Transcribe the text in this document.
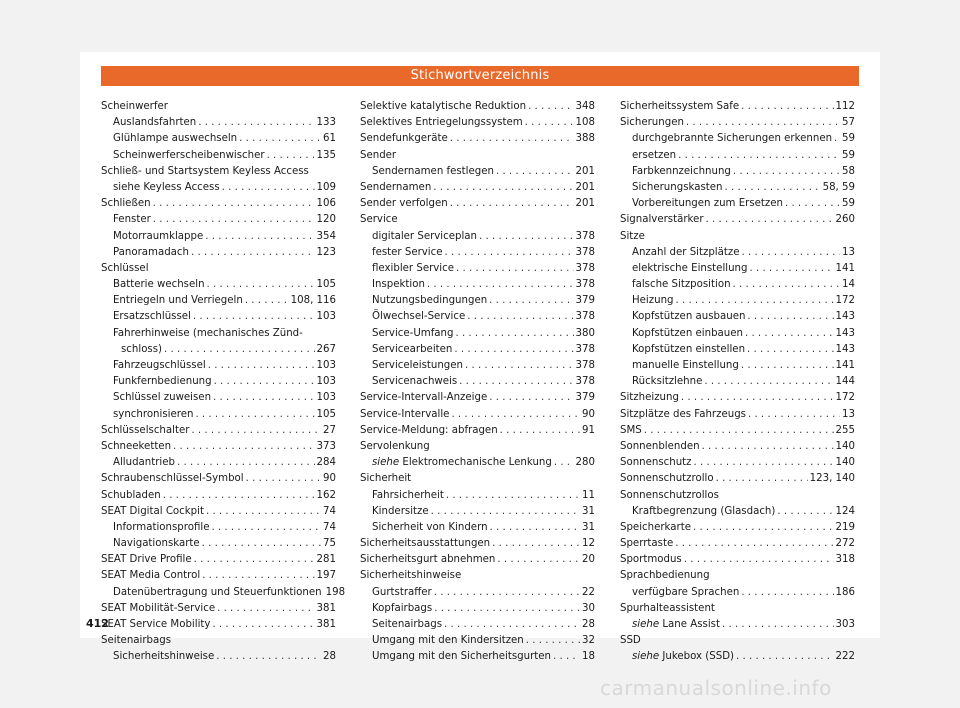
Stichwortverzeichnis
Scheinwerfer
Auslandsfahrten . . .	133
Glühlampe auswechseln . . .	61
Scheinwerferscheibenwischer . . .	135
Schließ- und Startsystem Keyless Access
siehe Keyless Access . . .	109
Schließen . . .	106
Fenster . . .	120
Motorraumklappe . . .	354
Panoramadach . . .	123
Schlüssel
Batterie wechseln . . .	105
Entriegeln und Verriegeln . . .	108, 116
Ersatzschlüssel . . .	103
Fahrerhinweise (mechanisches Zünd-
schloss) . . .	267
Fahrzeugschlüssel . . .	103
Funkfernbedienung . . .	103
Schlüssel zuweisen . . .	103
synchronisieren . . .	105
Schlüsselschalter . . .	27
Schneeketten . . .	373
Alludantrieb . . .	284
Schraubenschlüssel-Symbol . . .	90
Schubladen . . .	162
SEAT Digital Cockpit . . .	74
Informationsprofile . . .	74
Navigationskarte . . .	75
SEAT Drive Profile . . .	281
SEAT Media Control . . .	197
Datenübertragung und Steuerfunktionen 198
SEAT Mobilität-Service . . .	381
SEAT Service Mobility . . .	381
Seitenairbags
Sicherheitshinweise . . .	28
Selektive katalytische Reduktion . . .	348
Selektives Entriegelungssystem . . .	108
Sendefunkgeräte . . .	388
Sender
Sendernamen festlegen . . .	201
Sendernamen . . .	201
Sender verfolgen . . .	201
Service
digitaler Serviceplan . . .	378
fester Service . . .	378
flexibler Service . . .	378
Inspektion . . .	378
Nutzungsbedingungen . . .	379
Ölwechsel-Service . . .	378
Service-Umfang . . .	380
Servicearbeiten . . .	378
Serviceleistungen . . .	378
Servicenachweis . . .	378
Service-Intervall-Anzeige . . .	379
Service-Intervalle . . .	90
Service-Meldung: abfragen . . .	91
Servolenkung
siehe Elektromechanische Lenkung . . . 280
Sicherheit
Fahrsicherheit . . .	11
Kindersitze . . .	31
Sicherheit von Kindern . . .	31
Sicherheitsausstattungen . . .	12
Sicherheitsgurt abnehmen . . .	20
Sicherheitshinweise
Gurtstraffer . . .	22
Kopfairbags . . .	30
Seitenairbags . . .	28
Umgang mit den Kindersitzen . . .	32
Umgang mit den Sicherheitsgurten . . .	18
Sicherheitssystem Safe . . .	112
Sicherungen . . .	57
durchgebrannte Sicherungen erkennen . . . 59
ersetzen . . .	59
Farbkennzeichnung . . .	58
Sicherungskasten . . .	58, 59
Vorbereitungen zum Ersetzen . . .	59
Signalverstärker . . .	260
Sitze
Anzahl der Sitzplätze . . .	13
elektrische Einstellung . . .	141
falsche Sitzposition . . .	14
Heizung . . .	172
Kopfstützen ausbauen . . .	143
Kopfstützen einbauen . . .	143
Kopfstützen einstellen . . .	143
manuelle Einstellung . . .	141
Rücksitzlehne . . .	144
Sitzheizung . . .	172
Sitzplätze des Fahrzeugs . . .	13
SMS . . .	255
Sonnenblenden . . .	140
Sonnenschutz . . .	140
Sonnenschutzrollo . . .	123, 140
Sonnenschutzrollos
Kraftbegrenzung (Glasdach) . . .	124
Speicherkarte . . .	219
Sperrtaste . . .	272
Sportmodus . . .	318
Sprachbedienung
verfügbare Sprachen . . .	186
Spurhalteassistent
siehe Lane Assist . . .	303
SSD
siehe Jukebox (SSD) . . .	222
412
carmanualsonline.info
